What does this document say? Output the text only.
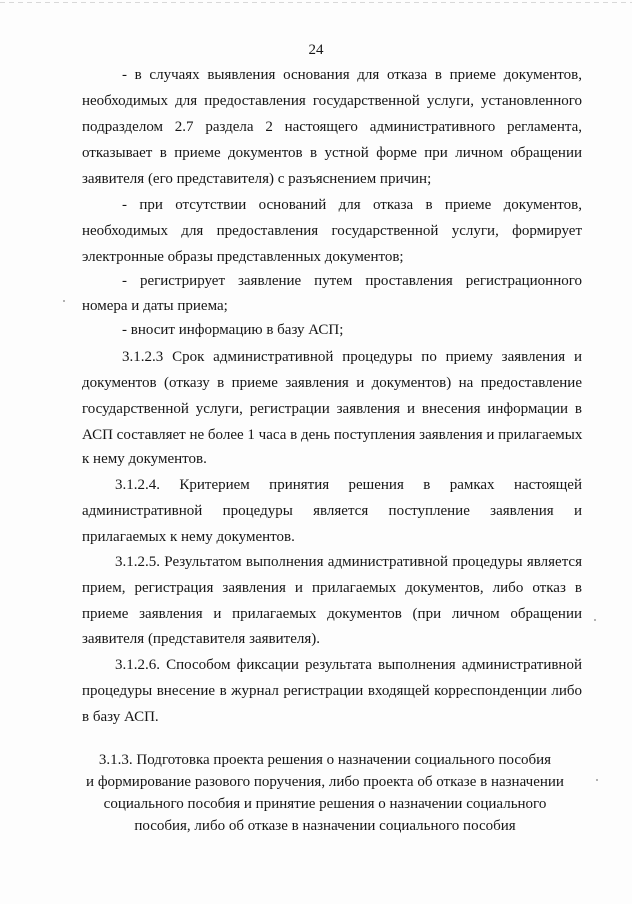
24
- в случаях выявления основания для отказа в приеме документов,
необходимых для предоставления государственной услуги, установленного
подразделом 2.7 раздела 2 настоящего административного регламента,
отказывает в приеме документов в устной форме при личном обращении
заявителя (его представителя) с разъяснением причин;
- при отсутствии оснований для отказа в приеме документов,
необходимых для предоставления государственной услуги, формирует
электронные образы представленных документов;
- регистрирует заявление путем проставления регистрационного
номера и даты приема;
- вносит информацию в базу АСП;
3.1.2.3 Срок административной процедуры по приему заявления и
документов (отказу в приеме заявления и документов) на предоставление
государственной услуги, регистрации заявления и внесения информации в
АСП составляет не более 1 часа в день поступления заявления и прилагаемых
к нему документов.
3.1.2.4. Критерием принятия решения в рамках настоящей
административной процедуры является поступление заявления и
прилагаемых к нему документов.
3.1.2.5. Результатом выполнения административной процедуры является
прием, регистрация заявления и прилагаемых документов, либо отказ в
приеме заявления и прилагаемых документов (при личном обращении
заявителя (представителя заявителя).
3.1.2.6. Способом фиксации результата выполнения административной
процедуры внесение в журнал регистрации входящей корреспонденции либо
в базу АСП.
3.1.3. Подготовка проекта решения о назначении социального пособия
и формирование разового поручения, либо проекта об отказе в назначении
социального пособия и принятие решения о назначении социального
пособия, либо об отказе в назначении социального пособия
